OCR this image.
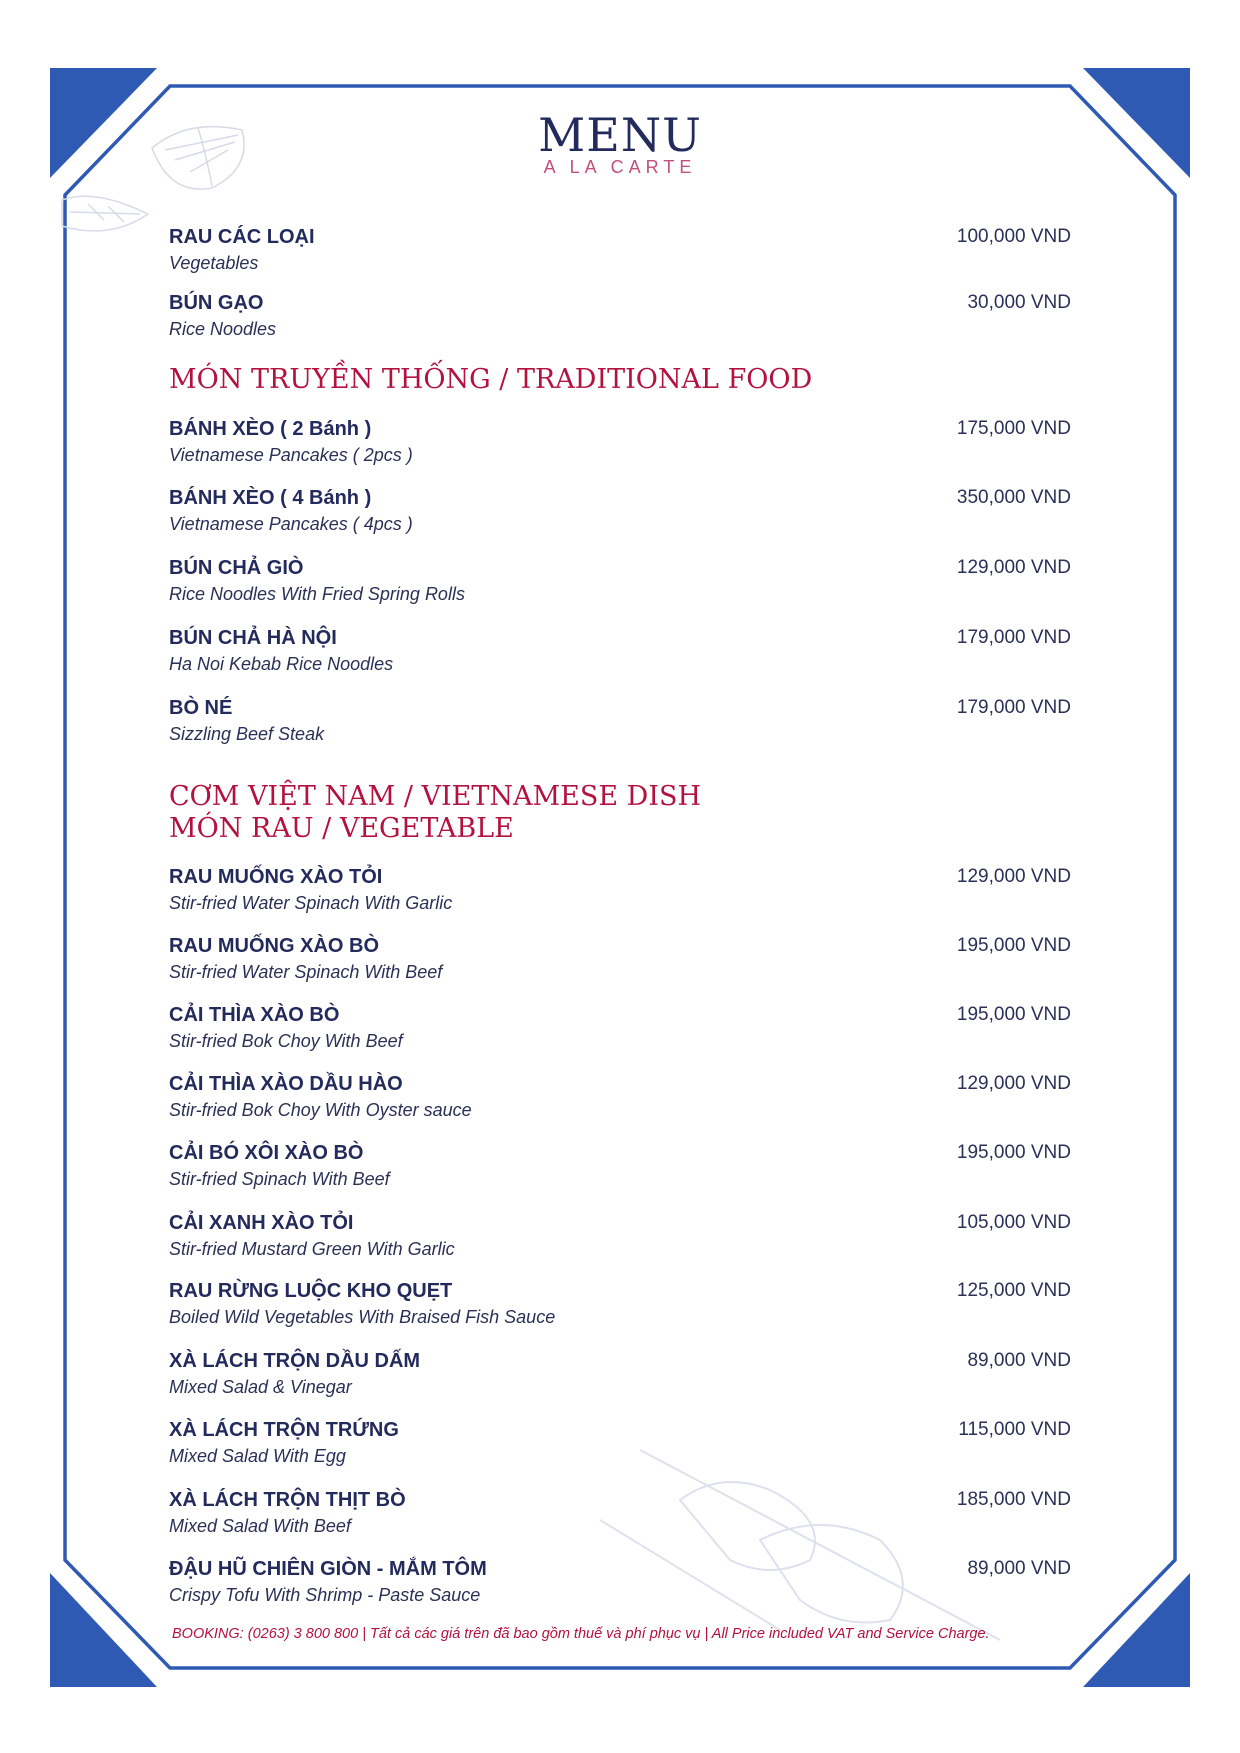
MENU
A LA CARTE
RAU CÁC LOẠI
Vegetables
100,000 VND
BÚN GẠO
Rice Noodles
30,000 VND
MÓN TRUYỀN THỐNG / TRADITIONAL FOOD
BÁNH XÈO ( 2 Bánh )
Vietnamese Pancakes ( 2pcs )
175,000 VND
BÁNH XÈO ( 4 Bánh )
Vietnamese Pancakes ( 4pcs )
350,000 VND
BÚN CHẢ GIÒ
Rice Noodles With Fried Spring Rolls
129,000 VND
BÚN CHẢ HÀ NỘI
Ha Noi Kebab Rice Noodles
179,000 VND
BÒ NÉ
Sizzling Beef Steak
179,000 VND
CƠM VIỆT NAM / VIETNAMESE DISH
MÓN RAU / VEGETABLE
RAU MUỐNG XÀO TỎI
Stir-fried Water Spinach With Garlic
129,000 VND
RAU MUỐNG XÀO BÒ
Stir-fried Water Spinach With Beef
195,000 VND
CẢI THÌA XÀO BÒ
Stir-fried Bok Choy With Beef
195,000 VND
CẢI THÌA XÀO DẦU HÀO
Stir-fried Bok Choy With Oyster sauce
129,000 VND
CẢI BÓ XÔI XÀO BÒ
Stir-fried Spinach With Beef
195,000 VND
CẢI XANH XÀO TỎI
Stir-fried Mustard Green With Garlic
105,000 VND
RAU RỪNG LUỘC KHO QUẸT
Boiled Wild Vegetables With Braised Fish Sauce
125,000 VND
XÀ LÁCH TRỘN DẦU DẤM
Mixed Salad & Vinegar
89,000 VND
XÀ LÁCH TRỘN TRỨNG
Mixed Salad With Egg
115,000 VND
XÀ LÁCH TRỘN THỊT BÒ
Mixed Salad With Beef
185,000 VND
ĐẬU HŨ CHIÊN GIÒN - MẮM TÔM
Crispy Tofu With Shrimp - Paste Sauce
89,000 VND
BOOKING: (0263) 3 800 800 | Tất cả các giá trên đã bao gồm thuế và phí phục vụ | All Price included VAT and Service Charge.
